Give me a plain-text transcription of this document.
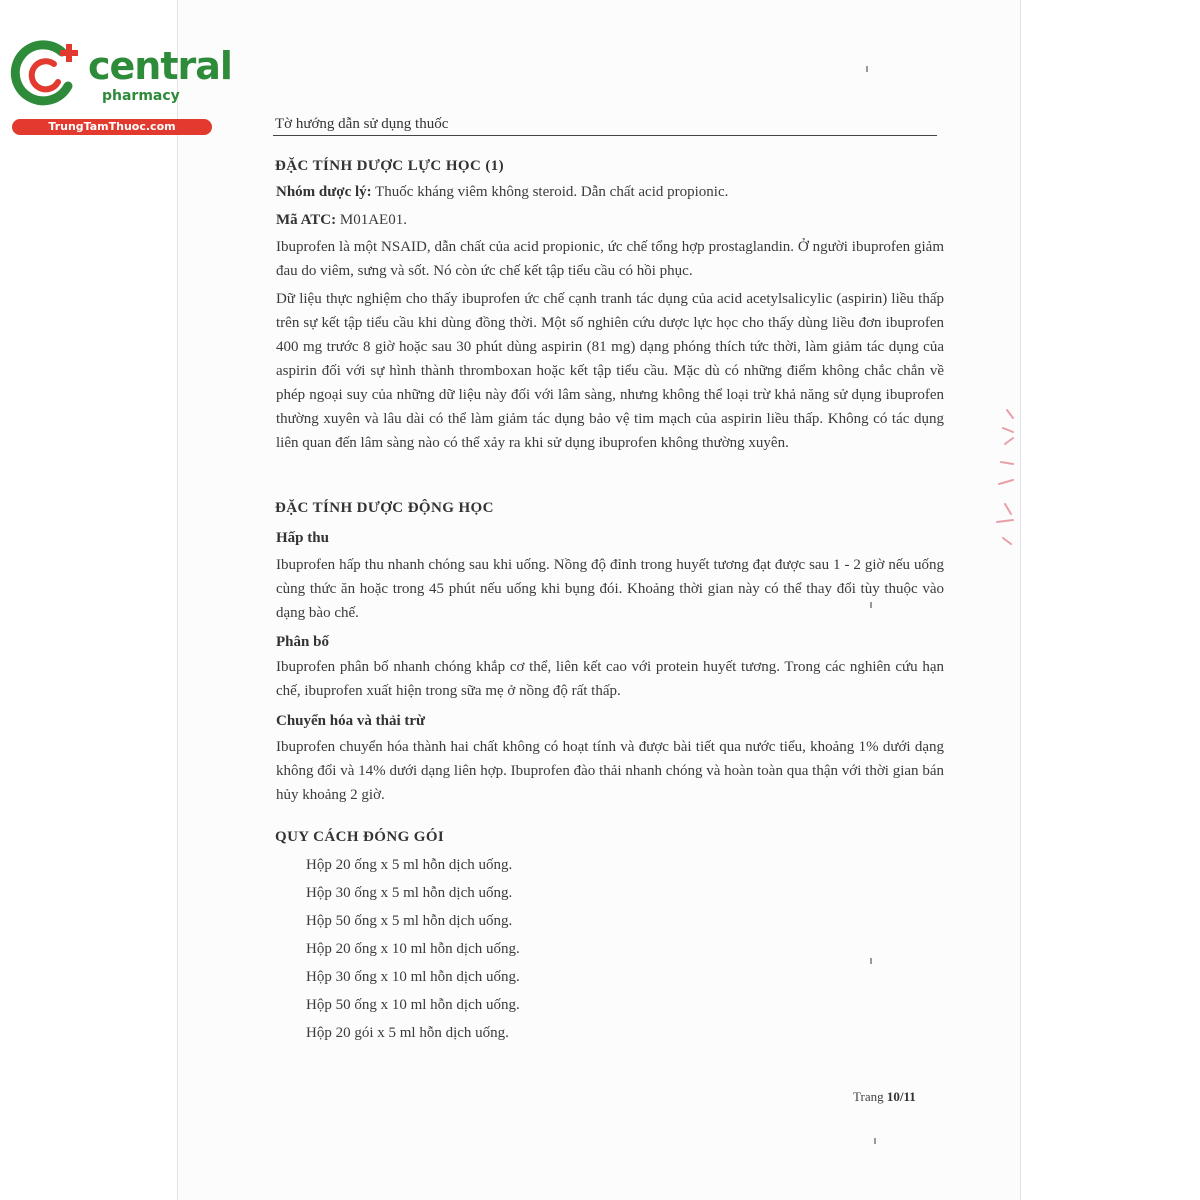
central
pharmacy
TrungTamThuoc.com	Tờ hướng dẫn sử dụng thuốc
ĐẶC TÍNH DƯỢC LỰC HỌC (1)
Nhóm dược lý: Thuốc kháng viêm không steroid. Dẫn chất acid propionic.
Mã ATC: M01AE01.
Ibuprofen là một NSAID, dẫn chất của acid propionic, ức chế tổng hợp prostaglandin. Ở người ibuprofen giảm đau do viêm, sưng và sốt. Nó còn ức chế kết tập tiểu cầu có hồi phục.
Dữ liệu thực nghiệm cho thấy ibuprofen ức chế cạnh tranh tác dụng của acid acetylsalicylic (aspirin) liều thấp trên sự kết tập tiểu cầu khi dùng đồng thời. Một số nghiên cứu dược lực học cho thấy dùng liều đơn ibuprofen 400 mg trước 8 giờ hoặc sau 30 phút dùng aspirin (81 mg) dạng phóng thích tức thời, làm giảm tác dụng của aspirin đối với sự hình thành thromboxan hoặc kết tập tiểu cầu. Mặc dù có những điểm không chắc chắn về phép ngoại suy của những dữ liệu này đối với lâm sàng, nhưng không thể loại trừ khả năng sử dụng ibuprofen thường xuyên và lâu dài có thể làm giảm tác dụng bảo vệ tim mạch của aspirin liều thấp. Không có tác dụng liên quan đến lâm sàng nào có thể xảy ra khi sử dụng ibuprofen không thường xuyên.
ĐẶC TÍNH DƯỢC ĐỘNG HỌC
Hấp thu
Ibuprofen hấp thu nhanh chóng sau khi uống. Nồng độ đỉnh trong huyết tương đạt được sau 1 - 2 giờ nếu uống cùng thức ăn hoặc trong 45 phút nếu uống khi bụng đói. Khoảng thời gian này có thể thay đổi tùy thuộc vào dạng bào chế.
Phân bố
Ibuprofen phân bố nhanh chóng khắp cơ thể, liên kết cao với protein huyết tương. Trong các nghiên cứu hạn chế, ibuprofen xuất hiện trong sữa mẹ ở nồng độ rất thấp.
Chuyển hóa và thải trừ
Ibuprofen chuyển hóa thành hai chất không có hoạt tính và được bài tiết qua nước tiểu, khoảng 1% dưới dạng không đổi và 14% dưới dạng liên hợp. Ibuprofen đào thải nhanh chóng và hoàn toàn qua thận với thời gian bán hủy khoảng 2 giờ.
QUY CÁCH ĐÓNG GÓI
Hộp 20 ống x 5 ml hỗn dịch uống.
Hộp 30 ống x 5 ml hỗn dịch uống.
Hộp 50 ống x 5 ml hỗn dịch uống.
Hộp 20 ống x 10 ml hỗn dịch uống.
Hộp 30 ống x 10 ml hỗn dịch uống.
Hộp 50 ống x 10 ml hỗn dịch uống.
Hộp 20 gói x 5 ml hỗn dịch uống.
Trang 10/11
